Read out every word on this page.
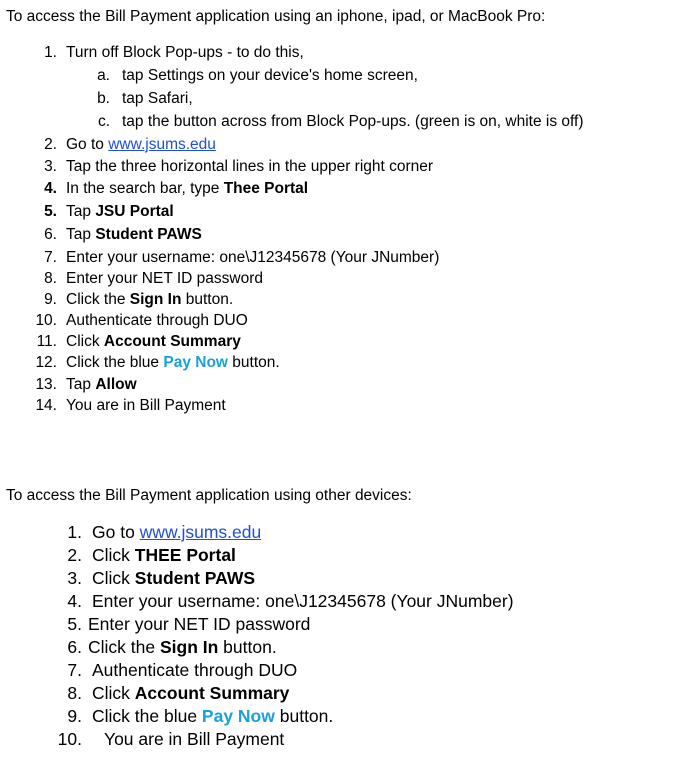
To access the Bill Payment application using an iphone, ipad, or MacBook Pro:
1. Turn off Block Pop-ups - to do this,
a. tap Settings on your device's home screen,
b. tap Safari,
c. tap the button across from Block Pop-ups. (green is on, white is off)
2. Go to www.jsums.edu
3. Tap the three horizontal lines in the upper right corner
4. In the search bar, type Thee Portal
5. Tap JSU Portal
6. Tap Student PAWS
7. Enter your username: one\J12345678 (Your JNumber)
8. Enter your NET ID password
9. Click the Sign In button.
10. Authenticate through DUO
11. Click Account Summary
12. Click the blue Pay Now button.
13. Tap Allow
14. You are in Bill Payment
To access the Bill Payment application using other devices:
1. Go to www.jsums.edu
2. Click THEE Portal
3. Click Student PAWS
4. Enter your username: one\J12345678 (Your JNumber)
5. Enter your NET ID password
6. Click the Sign In button.
7. Authenticate through DUO
8. Click Account Summary
9. Click the blue Pay Now button.
10. You are in Bill Payment
